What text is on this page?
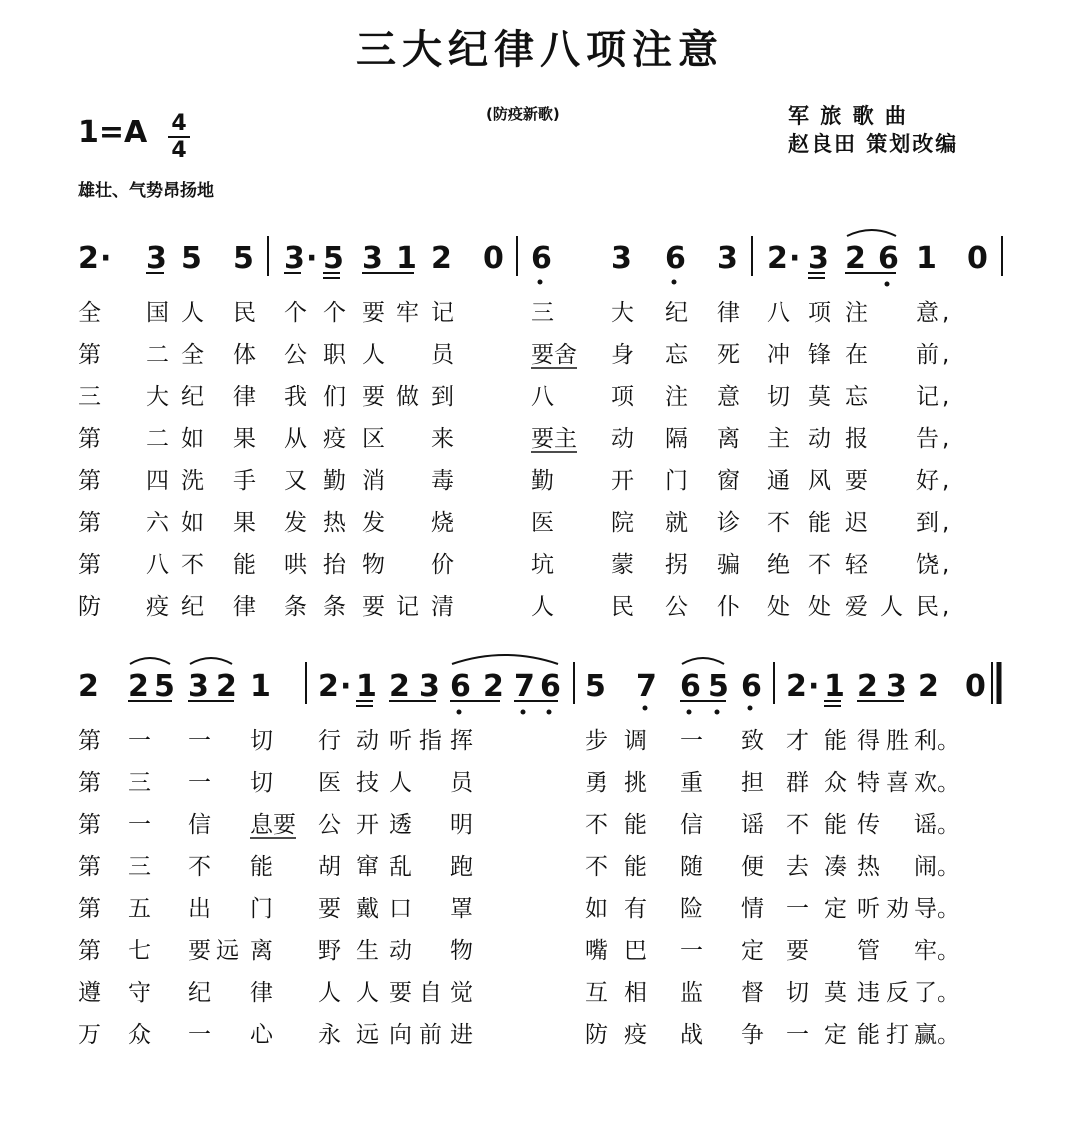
三大纪律八项注意
(防疫新歌)	军 旅 歌 曲
赵良田 策划改编
1=A 4
4
雄壮、气势昂扬地
2 · 3 5 5 3 · 5 3 1 2 0 6 3 6 3 2 · 3 2 6 1 0
全 国 人 民 个 个 要 牢 记	三 大 纪 律 八 项 注 意 ,
第 二 全 体 公 职 人 员	要舍 身 忘 死 冲 锋 在 前 ,
三 大 纪 律 我 们 要 做 到	八 项 注 意 切 莫 忘 记 ,
第 二 如 果 从 疫 区 来	要主 动 隔 离 主 动 报 告 ,
第 四 洗 手 又 勤 消 毒	勤 开 门 窗 通 风 要 好 ,
第 六 如 果 发 热 发 烧	医 院 就 诊 不 能 迟 到 ,
第 八 不 能 哄 抬 物 价	坑 蒙 拐 骗 绝 不 轻 饶 ,
防 疫 纪 律 条 条 要 记 清	人 民 公 仆 处 处 爱 人 民 ,
2 2 5 3 2 1 2 · 1 2 3 6 2 7 6 5 7 6 5 6 2 · 1 2 3 2 0
第 一 一 切 行 动 听 指 挥	步 调 一 致 才 能 得 胜 利。
第 三 一 切 医 技 人 员	勇 挑 重 担 群 众 特 喜 欢。
第 一 信 息要 公 开 透 明	不 能 信 谣 不 能 传 谣。
第 三 不 能 胡 窜 乱 跑	不 能 随 便 去 凑 热 闹。
第 五 出 门 要 戴 口 罩	如 有 险 情 一 定 听 劝 导。
第 七 要 远 离 野 生 动 物	嘴 巴 一 定 要 管 牢。
遵 守 纪 律 人 人 要 自 觉	互 相 监 督 切 莫 违 反 了。
万 众 一 心 永 远 向 前 进	防 疫 战 争 一 定 能 打 赢。
